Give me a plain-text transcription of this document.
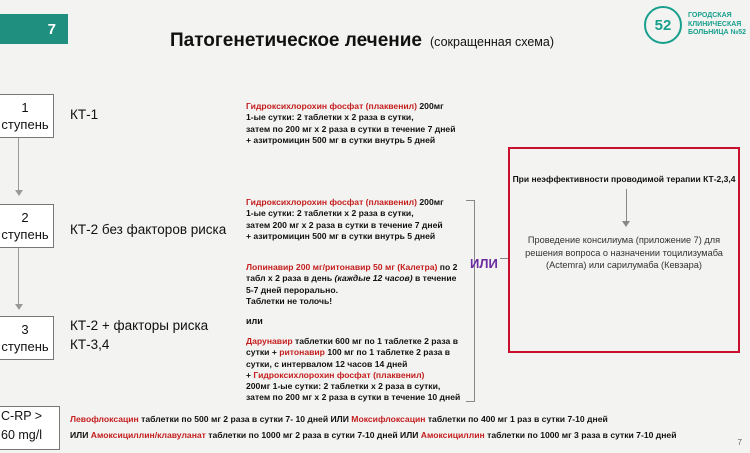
7
Патогенетическое лечение (сокращенная схема)
52
ГОРОДСКАЯ
КЛИНИЧЕСКАЯ
БОЛЬНИЦА №52
1
ступень
2
ступень
3
ступень
КТ-1
КТ-2 без факторов риска
КТ-2 + факторы риска
КТ-3,4
Гидроксихлорохин фосфат (плаквенил) 200мг
1-ые сутки: 2 таблетки х 2 раза в сутки,
затем по 200 мг х 2 раза в сутки в течение 7 дней
+ азитромицин 500 мг в сутки внутрь 5 дней
Гидроксихлорохин фосфат (плаквенил) 200мг
1-ые сутки: 2 таблетки х 2 раза в сутки,
затем 200 мг х 2 раза в сутки в течение 7 дней
+ азитромицин 500 мг в сутки внутрь 5 дней
Лопинавир 200 мг/ритонавир 50 мг (Калетра) по 2
табл х 2 раза в день (каждые 12 часов) в течение
5-7 дней перорально.
Таблетки не толочь!
или
Дарунавир таблетки 600 мг по 1 таблетке 2 раза в
сутки + ритонавир 100 мг по 1 таблетке 2 раза в
сутки, с интервалом 12 часов 14 дней
+ Гидроксихлорохин фосфат (плаквенил)
200мг 1-ые сутки: 2 таблетки х 2 раза в сутки,
затем по 200 мг х 2 раза в сутки в течение 10 дней
ИЛИ
При неэффективности проводимой терапии КТ-2,3,4
Проведение консилиума (приложение 7) для решения вопроса о назначении тоцилизумаба (Actemra) или сарилумаба (Кевзара)
C-RP >
60 mg/l
Левофлоксацин таблетки по 500 мг 2 раза в сутки 7- 10 дней ИЛИ Моксифлоксацин таблетки по 400 мг 1 раз в сутки 7-10 дней
ИЛИ Амоксициллин/клавуланат таблетки по 1000 мг 2 раза в сутки 7-10 дней ИЛИ Амоксициллин таблетки по 1000 мг 3 раза в сутки 7-10 дней
7
